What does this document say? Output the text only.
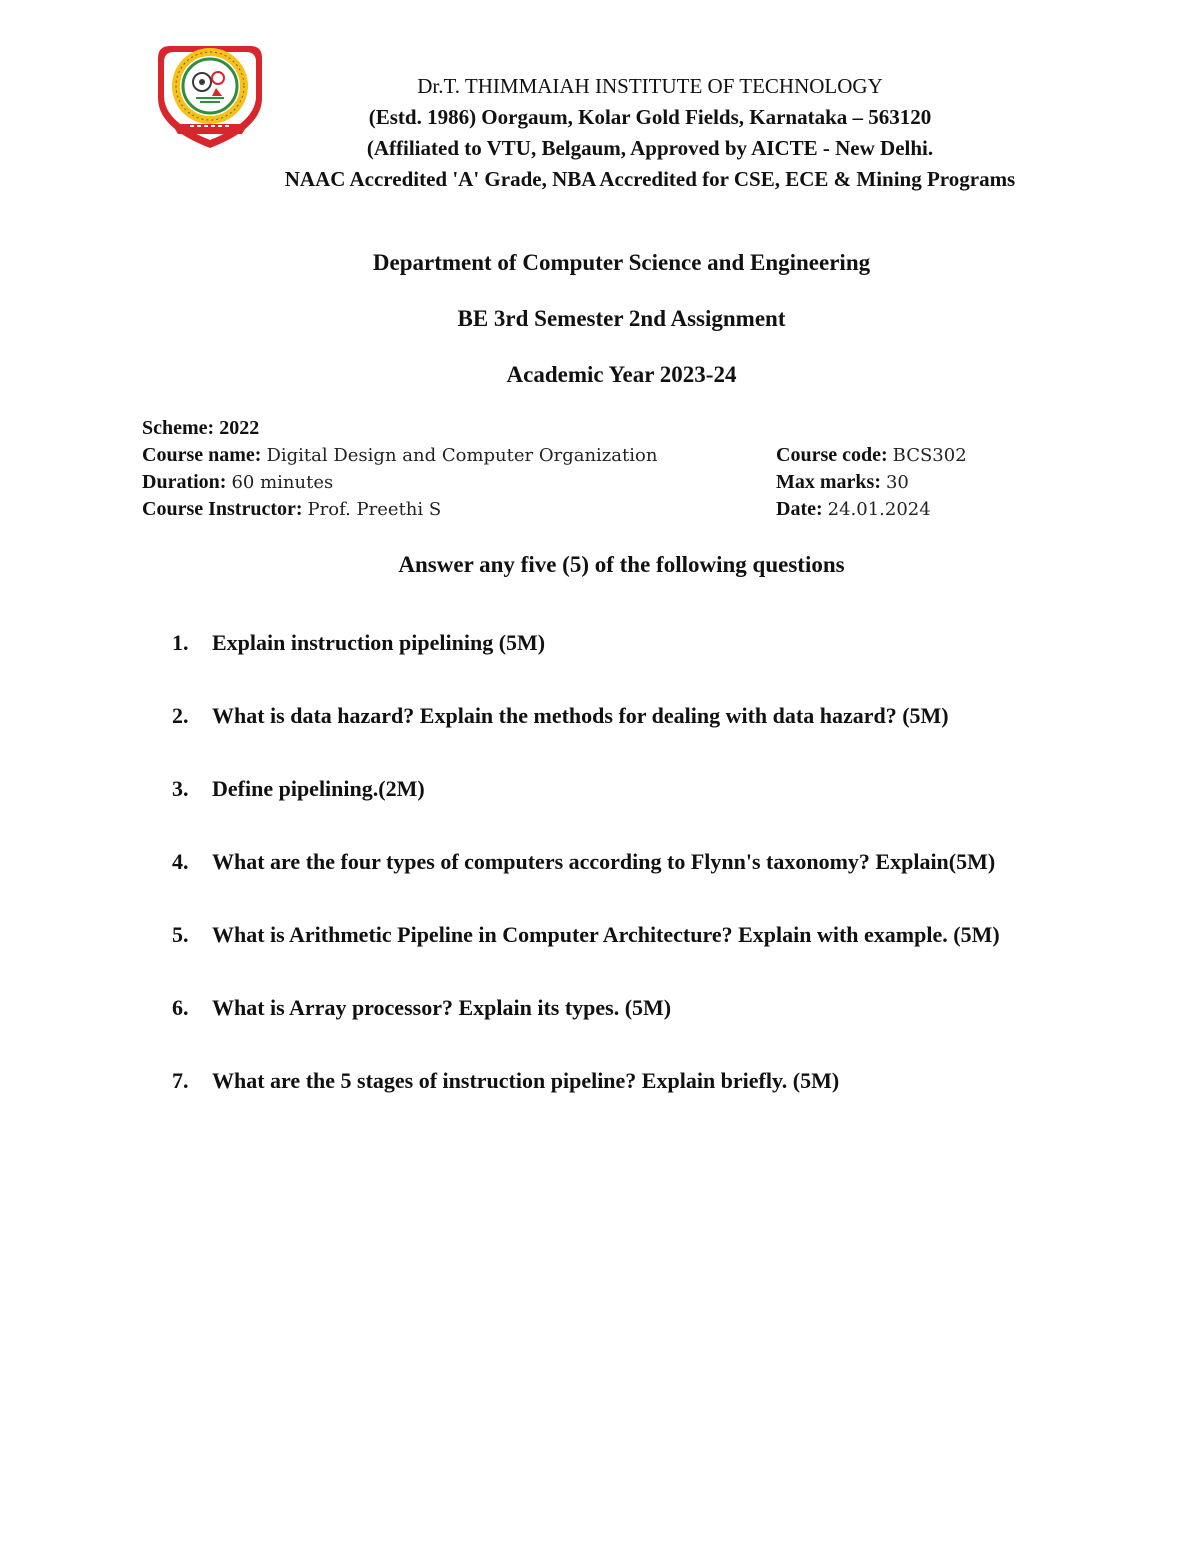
Dr.T. THIMMAIAH INSTITUTE OF TECHNOLOGY
(Estd. 1986) Oorgaum, Kolar Gold Fields, Karnataka – 563120
(Affiliated to VTU, Belgaum, Approved by AICTE - New Delhi.
NAAC Accredited 'A' Grade, NBA Accredited for CSE, ECE & Mining Programs
Department of Computer Science and Engineering
BE 3rd Semester 2nd Assignment
Academic Year 2023-24
Scheme: 2022
Course name: Digital Design and Computer Organization	Course code: BCS302
Duration: 60 minutes	Max marks: 30
Course Instructor: Prof. Preethi S	Date: 24.01.2024
Answer any five (5) of the following questions
1.	Explain instruction pipelining (5M)
2.	What is data hazard? Explain the methods for dealing with data hazard? (5M)
3.	Define pipelining.(2M)
4.	What are the four types of computers according to Flynn's taxonomy? Explain(5M)
5.	What is Arithmetic Pipeline in Computer Architecture? Explain with example. (5M)
6.	What is Array processor? Explain its types. (5M)
7.	What are the 5 stages of instruction pipeline? Explain briefly. (5M)
